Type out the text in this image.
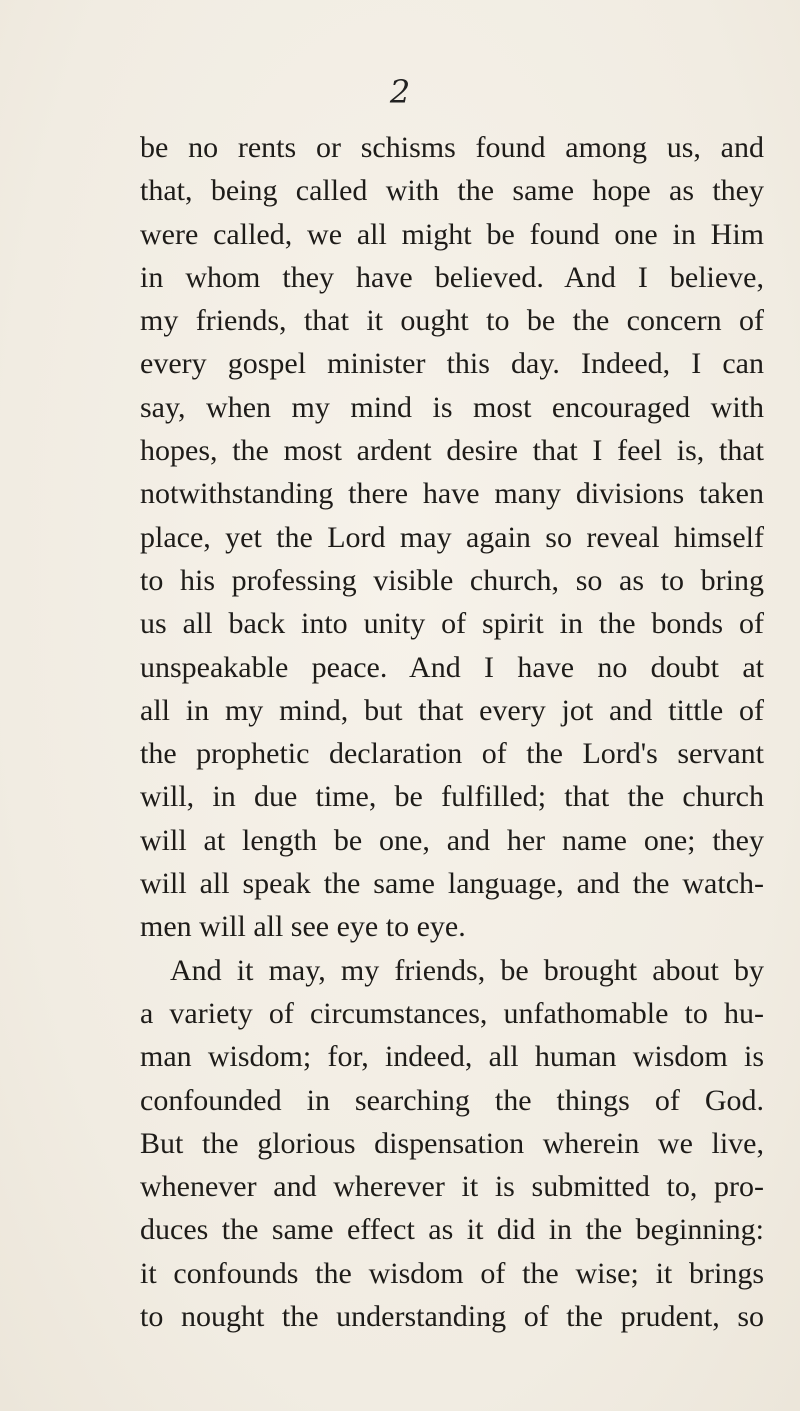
2
be no rents or schisms found among us, and
that, being called with the same hope as they
were called, we all might be found one in Him
in whom they have believed. And I believe,
my friends, that it ought to be the concern of
every gospel minister this day. Indeed, I can
say, when my mind is most encouraged with
hopes, the most ardent desire that I feel is, that
notwithstanding there have many divisions taken
place, yet the Lord may again so reveal himself
to his professing visible church, so as to bring
us all back into unity of spirit in the bonds of
unspeakable peace. And I have no doubt at
all in my mind, but that every jot and tittle of
the prophetic declaration of the Lord's servant
will, in due time, be fulfilled; that the church
will at length be one, and her name one; they
will all speak the same language, and the watch-
men will all see eye to eye.
And it may, my friends, be brought about by
a variety of circumstances, unfathomable to hu-
man wisdom; for, indeed, all human wisdom is
confounded in searching the things of God.
But the glorious dispensation wherein we live,
whenever and wherever it is submitted to, pro-
duces the same effect as it did in the beginning:
it confounds the wisdom of the wise; it brings
to nought the understanding of the prudent, so
